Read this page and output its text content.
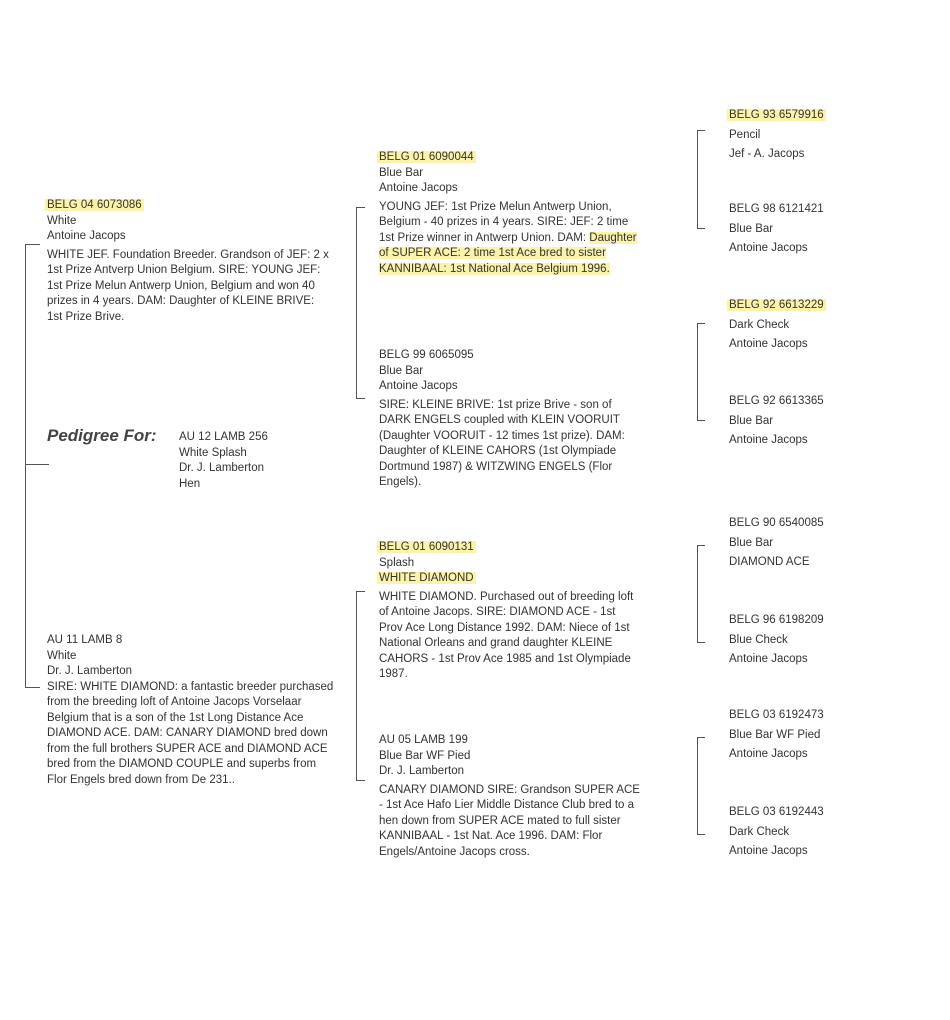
BELG 04 6073086
White
Antoine Jacops
WHITE JEF. Foundation Breeder. Grandson of JEF: 2 x 1st Prize Antverp Union Belgium. SIRE: YOUNG JEF: 1st Prize Melun Antwerp Union, Belgium and won 40 prizes in 4 years. DAM: Daughter of KLEINE BRIVE: 1st Prize Brive.
Pedigree For: AU 12 LAMB 256
White Splash
Dr. J. Lamberton
Hen
AU 11 LAMB 8
White
Dr. J. Lamberton
SIRE: WHITE DIAMOND: a fantastic breeder purchased from the breeding loft of Antoine Jacops Vorselaar Belgium that is a son of the 1st Long Distance Ace DIAMOND ACE. DAM: CANARY DIAMOND bred down from the full brothers SUPER ACE and DIAMOND ACE bred from the DIAMOND COUPLE and superbs from Flor Engels bred down from De 231..
BELG 01 6090044
Blue Bar
Antoine Jacops
YOUNG JEF: 1st Prize Melun Antwerp Union, Belgium - 40 prizes in 4 years. SIRE: JEF: 2 time 1st Prize winner in Antwerp Union. DAM: Daughter of SUPER ACE: 2 time 1st Ace bred to sister KANNIBAAL: 1st National Ace Belgium 1996.
BELG 99 6065095
Blue Bar
Antoine Jacops
SIRE: KLEINE BRIVE: 1st prize Brive - son of DARK ENGELS coupled with KLEIN VOORUIT (Daughter VOORUIT - 12 times 1st prize). DAM: Daughter of KLEINE CAHORS (1st Olympiade Dortmund 1987) & WITZWING ENGELS (Flor Engels).
BELG 01 6090131
Splash
WHITE DIAMOND
WHITE DIAMOND. Purchased out of breeding loft of Antoine Jacops. SIRE: DIAMOND ACE - 1st Prov Ace Long Distance 1992. DAM: Niece of 1st National Orleans and grand daughter KLEINE CAHORS - 1st Prov Ace 1985 and 1st Olympiade 1987.
AU 05 LAMB 199
Blue Bar WF Pied
Dr. J. Lamberton
CANARY DIAMOND SIRE: Grandson SUPER ACE - 1st Ace Hafo Lier Middle Distance Club bred to a hen down from SUPER ACE mated to full sister KANNIBAAL - 1st Nat. Ace 1996. DAM: Flor Engels/Antoine Jacops cross.
BELG 93 6579916
Pencil
Jef - A. Jacops
BELG 98 6121421
Blue Bar
Antoine Jacops
BELG 92 6613229
Dark Check
Antoine Jacops
BELG 92 6613365
Blue Bar
Antoine Jacops
BELG 90 6540085
Blue Bar
DIAMOND ACE
BELG 96 6198209
Blue Check
Antoine Jacops
BELG 03 6192473
Blue Bar WF Pied
Antoine Jacops
BELG 03 6192443
Dark Check
Antoine Jacops
